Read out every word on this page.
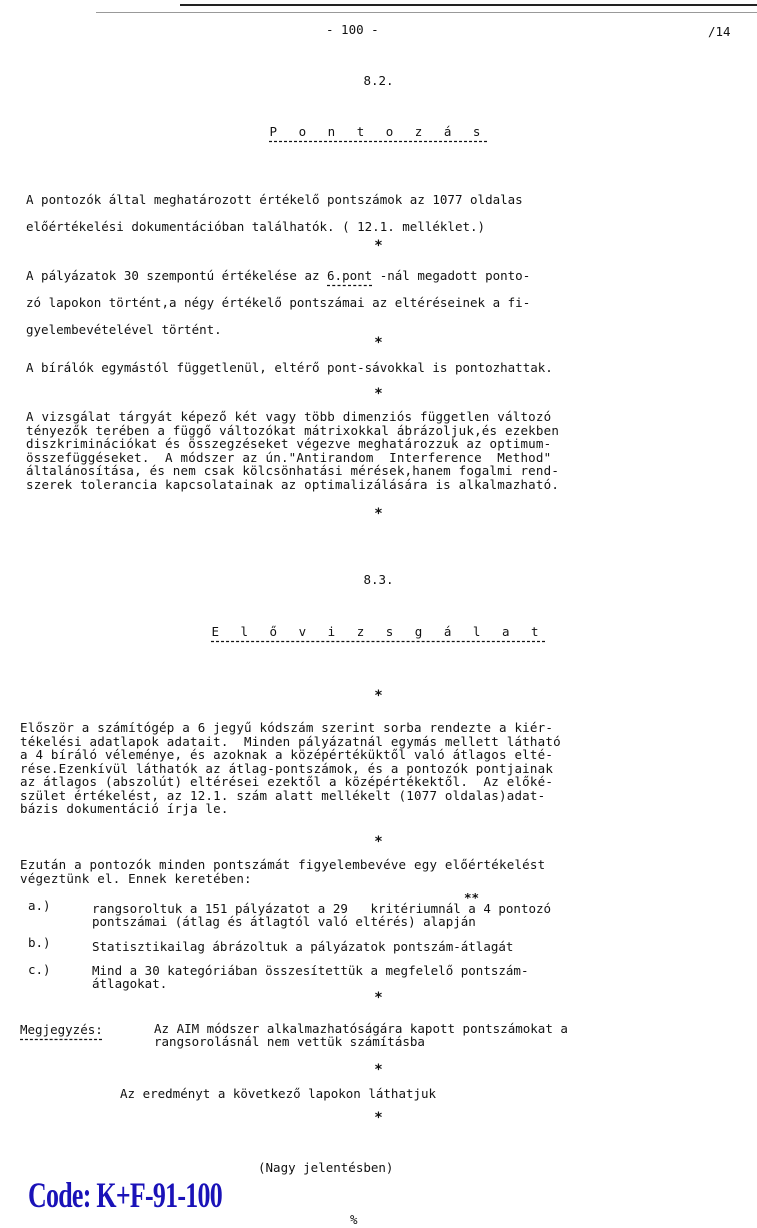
- 100 -	/14
8.2.
P o n t o z á s
A pontozók által meghatározott értékelő pontszámok az 1077 oldalas
előértékelési dokumentációban találhatók. ( 12.1. melléklet.)
*
A pályázatok 30 szempontú értékelése az 6.pont -nál megadott ponto-
zó lapokon történt,a négy értékelő pontszámai az eltéréseinek a fi-
gyelembevételével történt.
*
A bírálók egymástól függetlenül, eltérő pont-sávokkal is pontozhattak.
*
A vizsgálat tárgyát képező két vagy több dimenziós független változó
tényezők terében a függő változókat mátrixokkal ábrázoljuk,és ezekben
diszkriminációkat és összegzéseket végezve meghatározzuk az optimum-
összefüggéseket.  A módszer az ún."Antirandom  Interference  Method"
általánosítása, és nem csak kölcsönhatási mérések,hanem fogalmi rend-
szerek tolerancia kapcsolatainak az optimalizálására is alkalmazható.
*
8.3.
E l ő v i z s g á l a t
*
Először a számítógép a 6 jegyű kódszám szerint sorba rendezte a kiér-
tékelési adatlapok adatait.  Minden pályázatnál egymás mellett látható
a 4 bíráló véleménye, és azoknak a középértéküktől való átlagos elté-
rése.Ezenkívül láthatók az átlag-pontszámok, és a pontozók pontjainak
az átlagos (abszolút) eltérései ezektől a középértékektől.  Az előké-
szület értékelést, az 12.1. szám alatt mellékelt (1077 oldalas)adat-
bázis dokumentáció írja le.
*
Ezután a pontozók minden pontszámát figyelembevéve egy előértékelést
végeztünk el. Ennek keretében:
**
a.)	rangsoroltuk a 151 pályázatot a 29   kritériumnál a 4 pontozó
pontszámai (átlag és átlagtól való eltérés) alapján
b.)	Statisztikailag ábrázoltuk a pályázatok pontszám-átlagát
c.)	Mind a 30 kategóriában összesítettük a megfelelő pontszám-
átlagokat.
*
Megjegyzés:	Az AIM módszer alkalmazhatóságára kapott pontszámokat a
rangsorolásnál nem vettük számításba
*
Az eredményt a következő lapokon láthatjuk
*
(Nagy jelentésben)
Code: K+F-91-100
%
